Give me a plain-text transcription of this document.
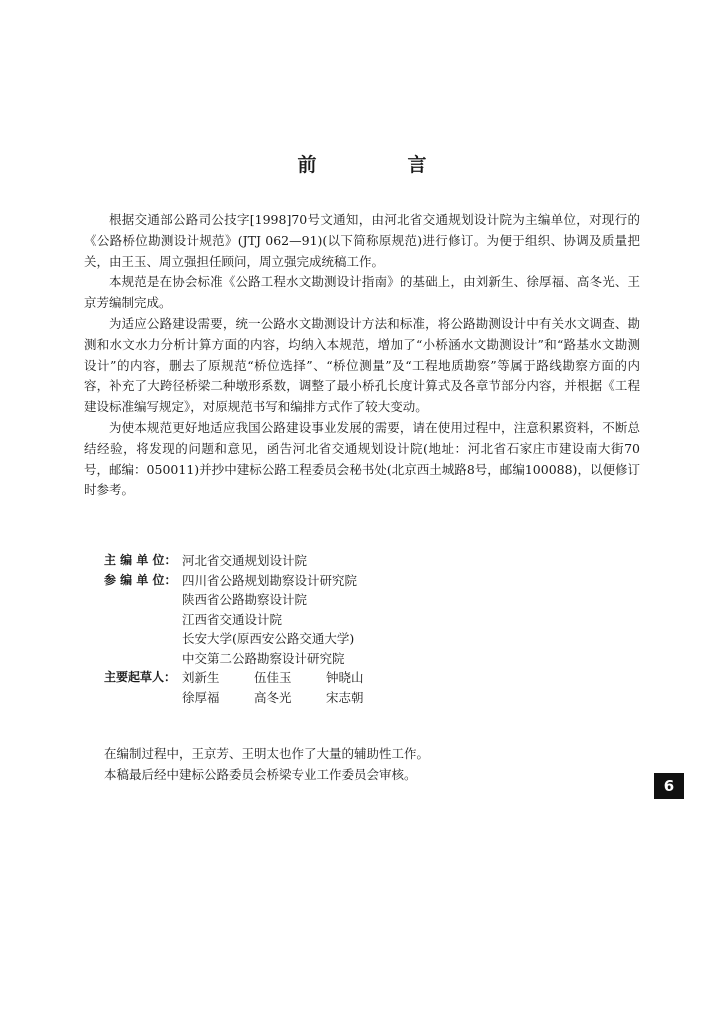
前　言

根据交通部公路司公技字[1998]70号文通知，由河北省交通规划设计院为主编单位，对现行的《公路桥位勘测设计规范》(JTJ 062—91)(以下简称原规范)进行修订。为便于组织、协调及质量把关，由王玉、周立强担任顾问，周立强完成统稿工作。

本规范是在协会标准《公路工程水文勘测设计指南》的基础上，由刘新生、徐厚福、高冬光、王京芳编制完成。

为适应公路建设需要，统一公路水文勘测设计方法和标准，将公路勘测设计中有关水文调查、勘测和水文水力分析计算方面的内容，均纳入本规范，增加了“小桥涵水文勘测设计”和“路基水文勘测设计”的内容，删去了原规范“桥位选择”、“桥位测量”及“工程地质勘察”等属于路线勘察方面的内容，补充了大跨径桥梁二种墩形系数，调整了最小桥孔长度计算式及各章节部分内容，并根据《工程建设标准编写规定》，对原规范书写和编排方式作了较大变动。

为使本规范更好地适应我国公路建设事业发展的需要，请在使用过程中，注意积累资料，不断总结经验，将发现的问题和意见，函告河北省交通规划设计院(地址：河北省石家庄市建设南大街70号，邮编：050011)并抄中建标公路工程委员会秘书处(北京西土城路8号，邮编100088)，以便修订时参考。

主 编 单 位： 河北省交通规划设计院
参 编 单 位： 四川省公路规划勘察设计研究院
陕西省公路勘察设计院
江西省交通设计院
长安大学(原西安公路交通大学)
中交第二公路勘察设计研究院
主要起草人： 刘新生	伍佳玉	钟晓山
徐厚福	高冬光	宋志朝

在编制过程中，王京芳、王明太也作了大量的辅助性工作。

本稿最后经中建标公路委员会桥梁专业工作委员会审核。

6
